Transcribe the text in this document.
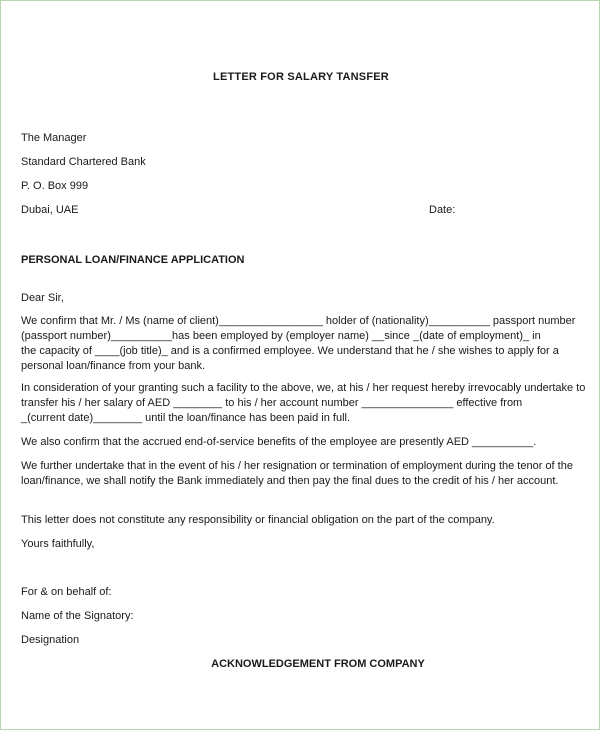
LETTER FOR SALARY TANSFER
The Manager
Standard Chartered Bank
P. O. Box 999
Dubai, UAE	Date:
PERSONAL LOAN/FINANCE APPLICATION
Dear Sir,
We confirm that Mr. / Ms (name of client)_________________ holder of (nationality)__________ passport number
(passport number)__________has been employed by (employer name) __since _(date of employment)_ in
the capacity of ____(job title)_ and is a confirmed employee. We understand that he / she wishes to apply for a
personal loan/finance from your bank.
In consideration of your granting such a facility to the above, we, at his / her request hereby irrevocably undertake to
transfer his / her salary of AED ________ to his / her account number _______________ effective from
_(current date)________ until the loan/finance has been paid in full.
We also confirm that the accrued end-of-service benefits of the employee are presently AED __________.
We further undertake that in the event of his / her resignation or termination of employment during the tenor of the
loan/finance, we shall notify the Bank immediately and then pay the final dues to the credit of his / her account.
This letter does not constitute any responsibility or financial obligation on the part of the company.
Yours faithfully,
For & on behalf of:
Name of the Signatory:
Designation
ACKNOWLEDGEMENT FROM COMPANY
